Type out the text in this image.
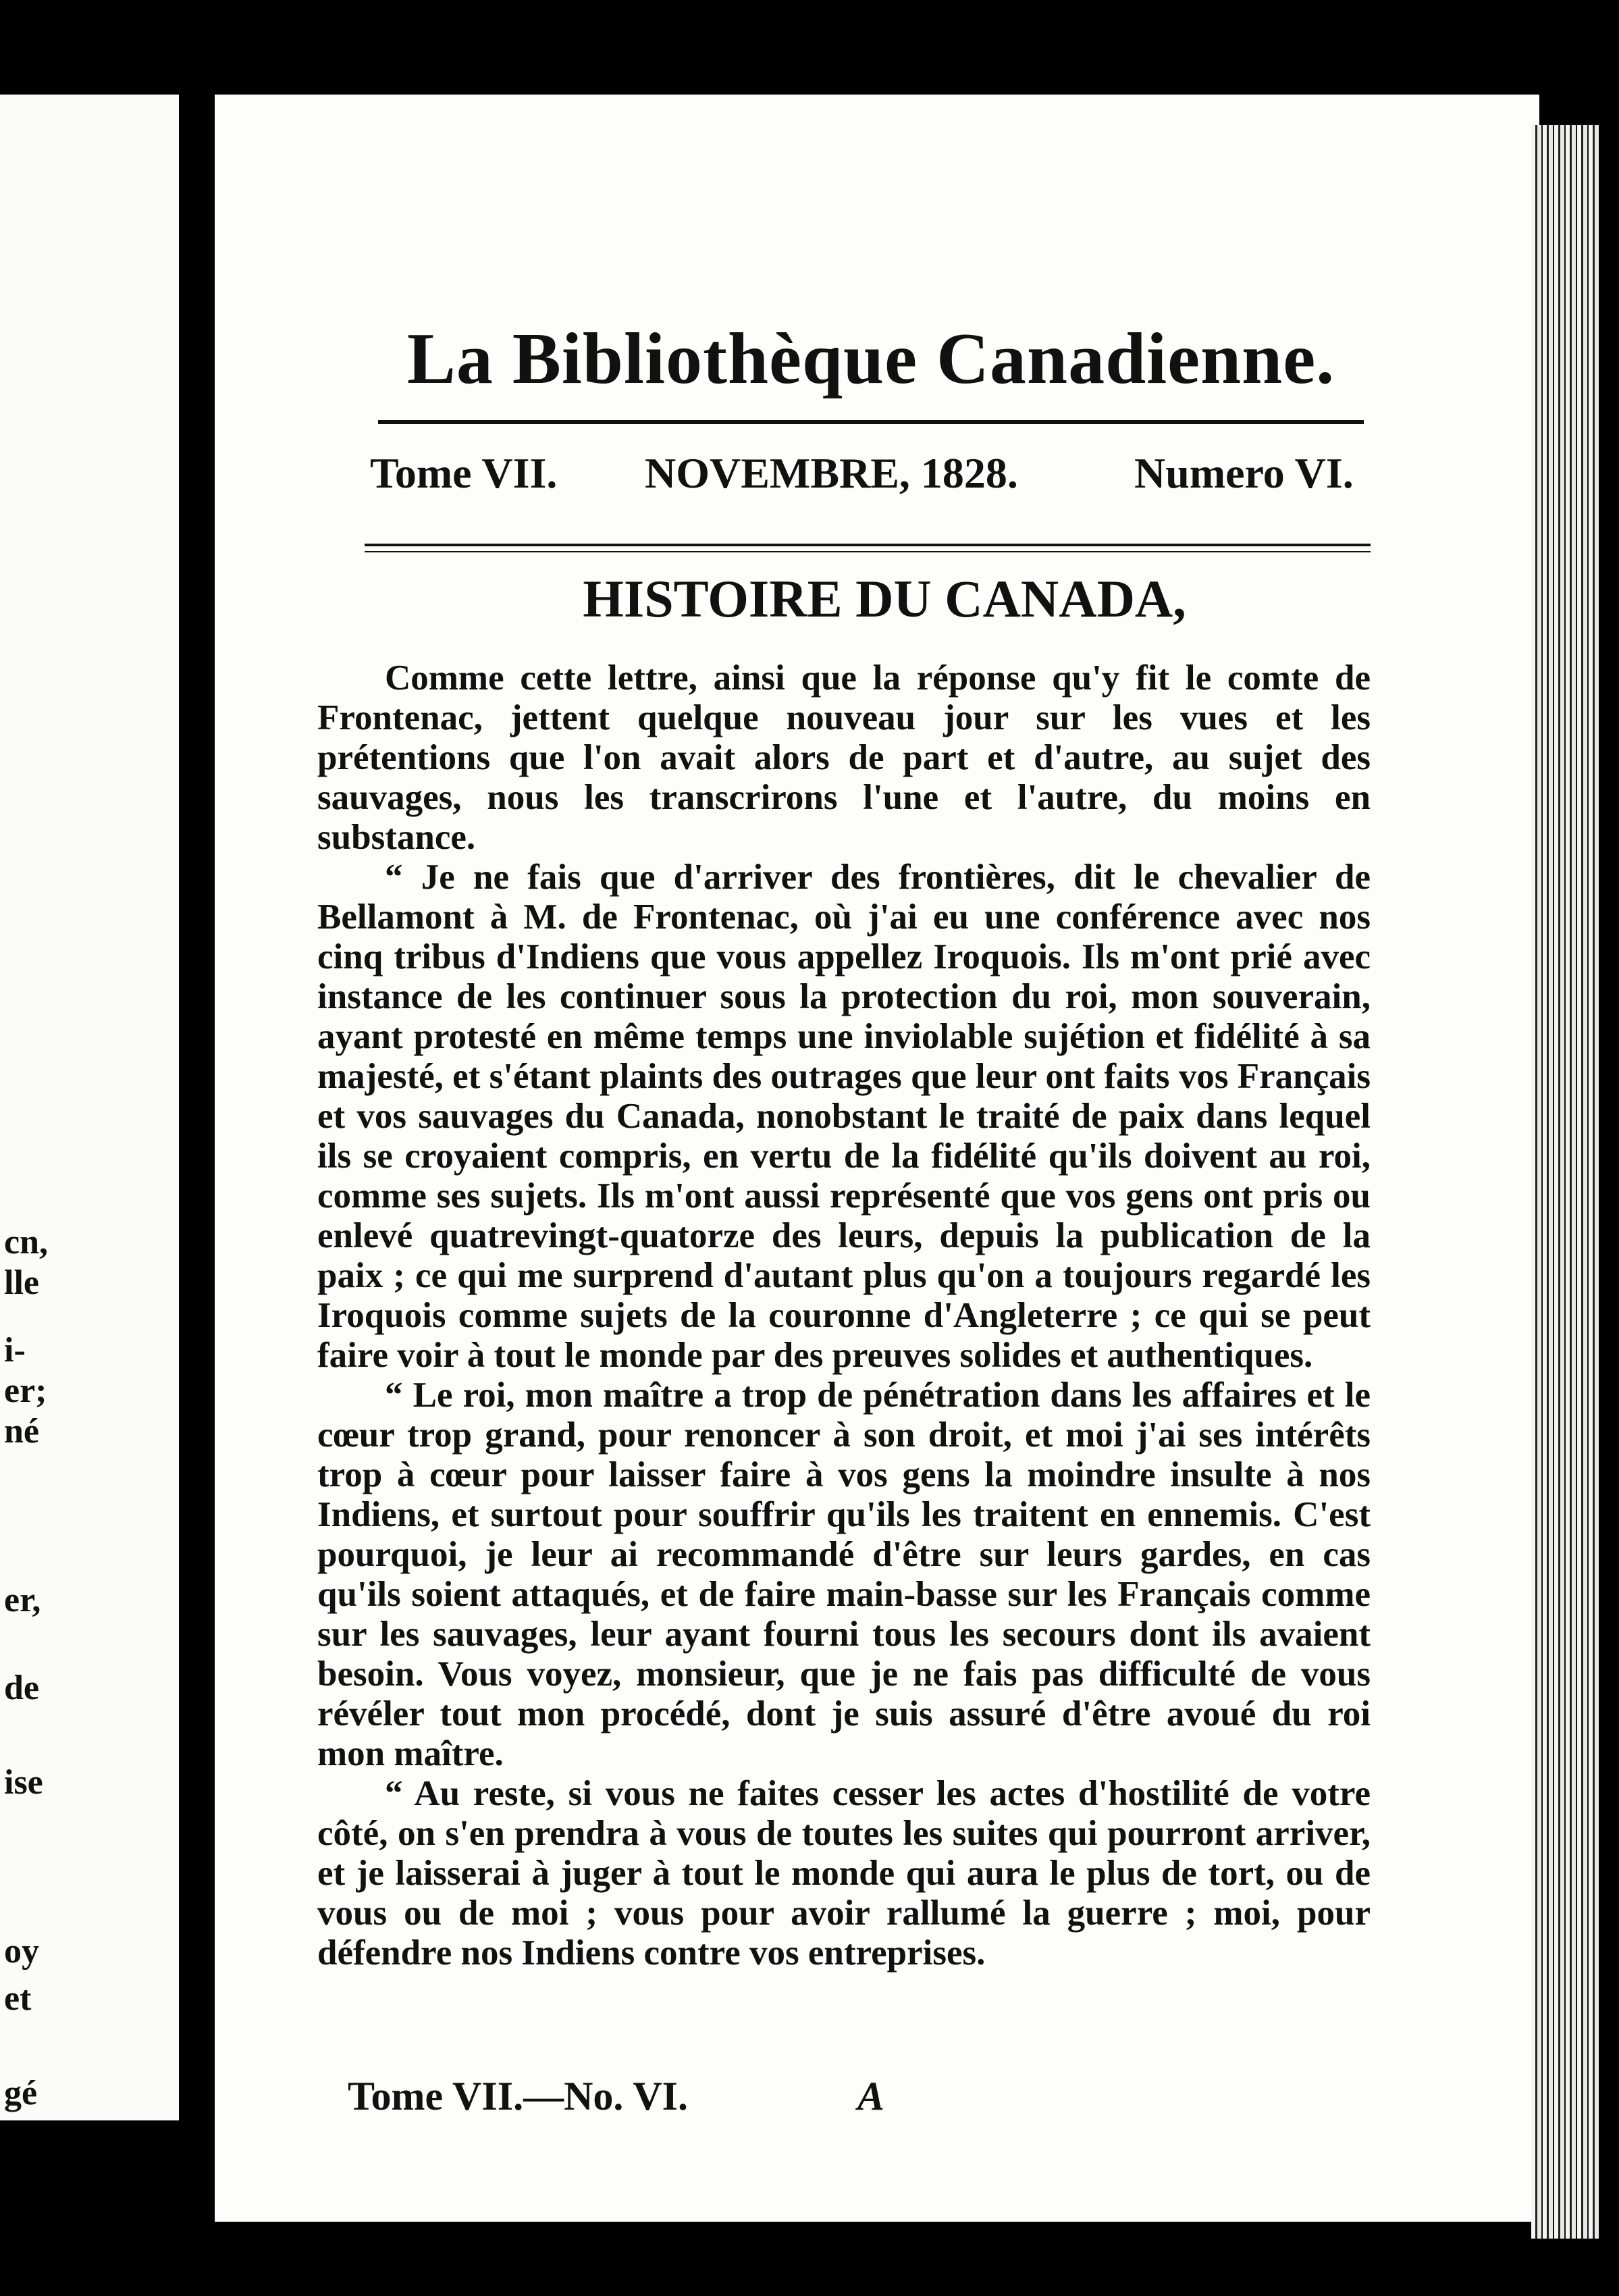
cn,
lle
i-
er;
né
er,
de
ise
oy
et
gé
La Bibliothèque Canadienne.
Tome VII. NOVEMBRE, 1828.	Numero VI.
HISTOIRE DU CANADA,

Comme cette lettre, ainsi que la réponse qu'y fit le comte de Frontenac, jettent quelque nouveau jour sur les vues et les prétentions que l'on avait alors de part et d'autre, au sujet des sauvages, nous les transcrirons l'une et l'autre, du moins en substance.

“ Je ne fais que d'arriver des frontières, dit le chevalier de Bellamont à M. de Frontenac, où j'ai eu une conférence avec nos cinq tribus d'Indiens que vous appellez Iroquois. Ils m'ont prié avec instance de les continuer sous la protection du roi, mon souverain, ayant protesté en même temps une inviolable sujétion et fidélité à sa majesté, et s'étant plaints des outrages que leur ont faits vos Français et vos sauvages du Canada, nonobstant le traité de paix dans lequel ils se croyaient compris, en vertu de la fidélité qu'ils doivent au roi, comme ses sujets. Ils m'ont aussi représenté que vos gens ont pris ou enlevé quatrevingt-quatorze des leurs, depuis la publication de la paix ; ce qui me surprend d'autant plus qu'on a toujours regardé les Iroquois comme sujets de la couronne d'Angleterre ; ce qui se peut faire voir à tout le monde par des preuves solides et authentiques.

“ Le roi, mon maître a trop de pénétration dans les affaires et le cœur trop grand, pour renoncer à son droit, et moi j'ai ses intérêts trop à cœur pour laisser faire à vos gens la moindre insulte à nos Indiens, et surtout pour souffrir qu'ils les traitent en ennemis. C'est pourquoi, je leur ai recommandé d'être sur leurs gardes, en cas qu'ils soient attaqués, et de faire main-basse sur les Français comme sur les sauvages, leur ayant fourni tous les secours dont ils avaient besoin. Vous voyez, monsieur, que je ne fais pas difficulté de vous révéler tout mon procédé, dont je suis assuré d'être avoué du roi mon maître.

“ Au reste, si vous ne faites cesser les actes d'hostilité de votre côté, on s'en prendra à vous de toutes les suites qui pourront arriver, et je laisserai à juger à tout le monde qui aura le plus de tort, ou de vous ou de moi ; vous pour avoir rallumé la guerre ; moi, pour défendre nos Indiens contre vos entreprises.

Tome VII.—No. VI.	A
